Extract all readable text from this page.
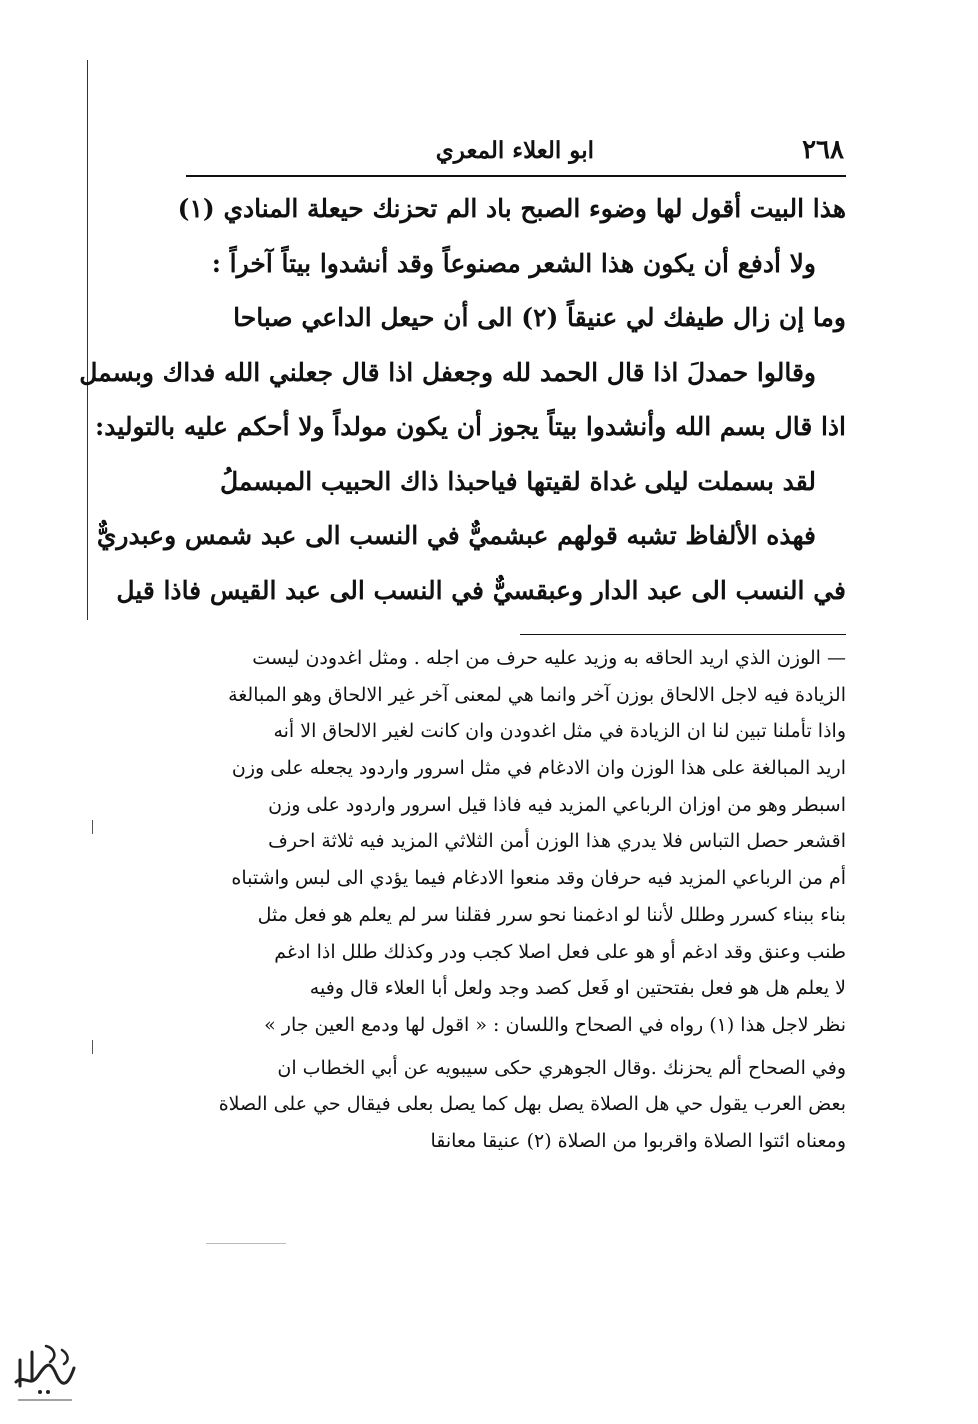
٢٦٨
ابو العلاء المعري
هذا البيت أقول لها وضوء الصبح باد الم تحزنك حيعلة المنادي (١)
ولا أدفع أن يكون هذا الشعر مصنوعاً وقد أنشدوا بيتاً آخراً :
وما إن زال طيفك لي عنيقاً (٢) الى أن حيعل الداعي صباحا
وقالوا حمدلَ اذا قال الحمد لله وجعفل اذا قال جعلني الله فداك وبسمل
اذا قال بسم الله وأنشدوا بيتاً يجوز أن يكون مولداً ولا أحكم عليه بالتوليد:
لقد بسملت ليلى غداة لقيتها فياحبذا ذاك الحبيب المبسملُ
فهذه الألفاظ تشبه قولهم عبشميٌّ في النسب الى عبد شمس وعبدريٌّ
في النسب الى عبد الدار وعبقسيٌّ في النسب الى عبد القيس فاذا قيل
— الوزن الذي اريد الحاقه به وزيد عليه حرف من اجله . ومثل اغدودن ليست
الزيادة فيه لاجل الالحاق بوزن آخر وانما هي لمعنى آخر غير الالحاق وهو المبالغة
واذا تأملنا تبين لنا ان الزيادة في مثل اغدودن وان كانت لغير الالحاق الا أنه
اريد المبالغة على هذا الوزن وان الادغام في مثل اسرور واردود يجعله على وزن
اسبطر وهو من اوزان الرباعي المزيد فيه فاذا قيل اسرور واردود على وزن
اقشعر حصل التباس فلا يدري هذا الوزن أمن الثلاثي المزيد فيه ثلاثة احرف
أم من الرباعي المزيد فيه حرفان وقد منعوا الادغام فيما يؤدي الى لبس واشتباه
بناء ببناء كسرر وطلل لأننا لو ادغمنا نحو سرر فقلنا سر لم يعلم هو فعل مثل
طنب وعنق وقد ادغم أو هو على فعل اصلا كجب ودر وكذلك طلل اذا ادغم
لا يعلم هل هو فعل بفتحتين او فَعل كصد وجد ولعل أبا العلاء قال وفيه
نظر لاجل هذا (١) رواه في الصحاح واللسان : « اقول لها ودمع العين جار »
وفي الصحاح ألم يحزنك .وقال الجوهري حكى سيبويه عن أبي الخطاب ان
بعض العرب يقول حي هل الصلاة يصل بهل كما يصل بعلى فيقال حي على الصلاة
ومعناه ائتوا الصلاة واقربوا من الصلاة (٢) عنيقا معانقا
